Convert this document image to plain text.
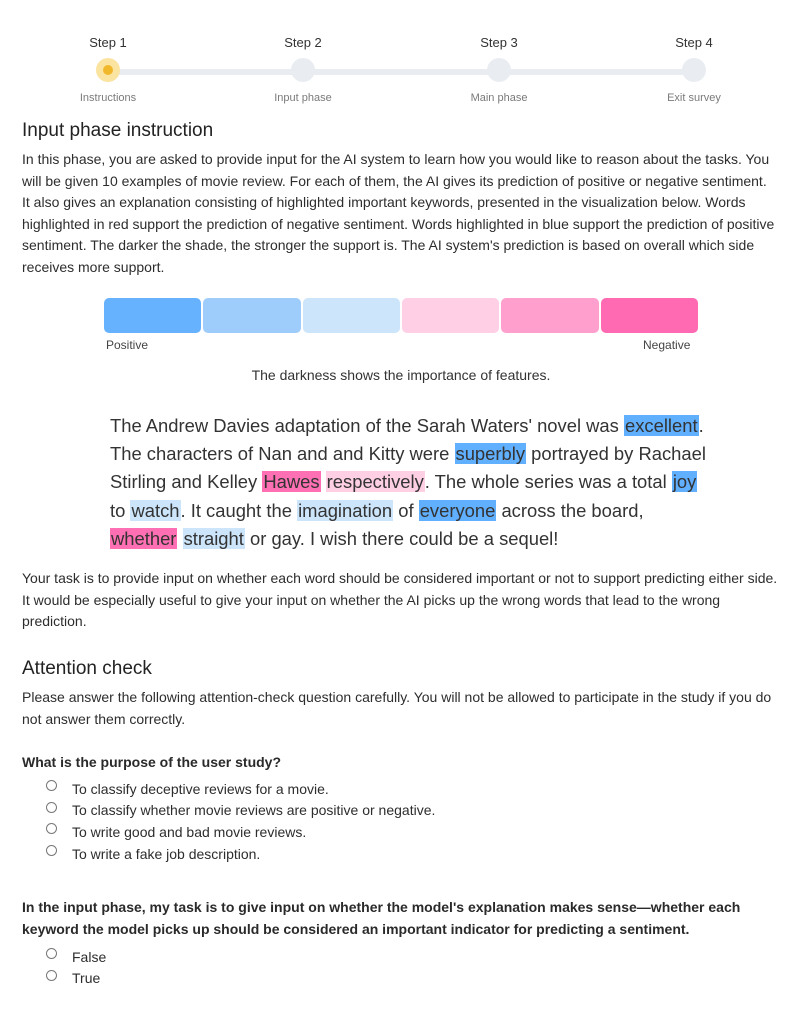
Step 1
Instructions
Step 2
Input phase
Step 3
Main phase
Step 4
Exit survey
Input phase instruction

In this phase, you are asked to provide input for the AI system to learn how you would like to reason about the tasks. You will be given 10 examples of movie review. For each of them, the AI gives its prediction of positive or negative sentiment. It also gives an explanation consisting of highlighted important keywords, presented in the visualization below. Words highlighted in red support the prediction of negative sentiment. Words highlighted in blue support the prediction of positive sentiment. The darker the shade, the stronger the support is. The AI system's prediction is based on overall which side receives more support.

Positive	Negative
The darkness shows the importance of features.
The Andrew Davies adaptation of the Sarah Waters' novel was excellent. The characters of Nan and and Kitty were superbly portrayed by Rachael Stirling and Kelley Hawes respectively. The whole series was a total joy to watch. It caught the imagination of everyone across the board, whether straight or gay. I wish there could be a sequel!

Your task is to provide input on whether each word should be considered important or not to support predicting either side. It would be especially useful to give your input on whether the AI picks up the wrong words that lead to the wrong prediction.

Attention check

Please answer the following attention-check question carefully. You will not be allowed to participate in the study if you do not answer them correctly.

What is the purpose of the user study?

To classify deceptive reviews for a movie.
To classify whether movie reviews are positive or negative.
To write good and bad movie reviews.
To write a fake job description.

In the input phase, my task is to give input on whether the model's explanation makes sense—whether each keyword the model picks up should be considered an important indicator for predicting a sentiment.

False
True
